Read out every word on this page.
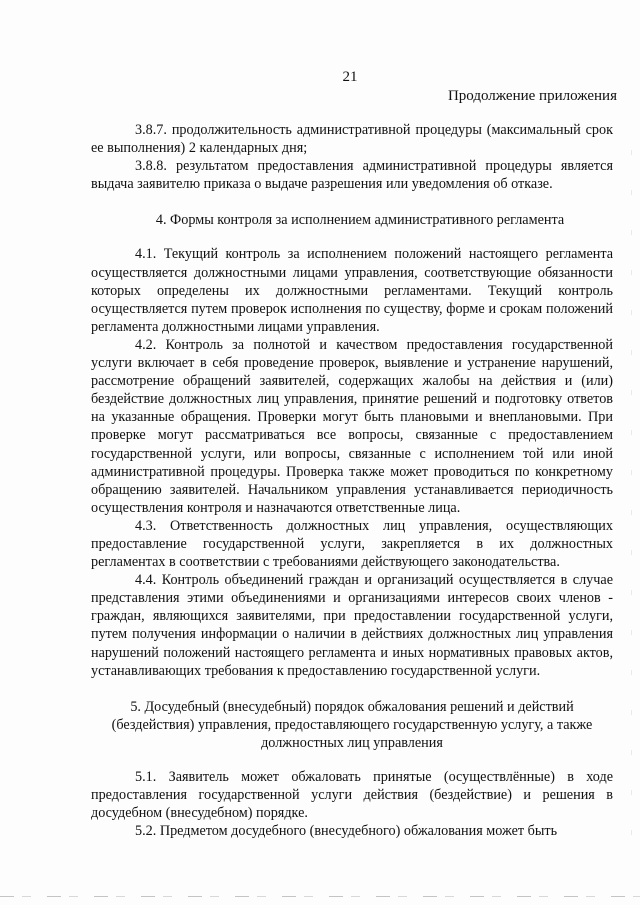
21
Продолжение приложения

3.8.7. продолжительность административной процедуры (максимальный срок ее выполнения) 2 календарных дня;

3.8.8. результатом предоставления административной процедуры является выдача заявителю приказа о выдаче разрешения или уведомления об отказе.

4. Формы контроля за исполнением административного регламента

4.1. Текущий контроль за исполнением положений настоящего регламента осуществляется должностными лицами управления, соответствующие обязанности которых определены их должностными регламентами. Текущий контроль осуществляется путем проверок исполнения по существу, форме и срокам положений регламента должностными лицами управления.

4.2. Контроль за полнотой и качеством предоставления государственной услуги включает в себя проведение проверок, выявление и устранение нарушений, рассмотрение обращений заявителей, содержащих жалобы на действия и (или) бездействие должностных лиц управления, принятие решений и подготовку ответов на указанные обращения. Проверки могут быть плановыми и внеплановыми. При проверке могут рассматриваться все вопросы, связанные с предоставлением государственной услуги, или вопросы, связанные с исполнением той или иной административной процедуры. Проверка также может проводиться по конкретному обращению заявителей. Начальником управления устанавливается периодичность осуществления контроля и назначаются ответственные лица.

4.3. Ответственность должностных лиц управления, осуществляющих предоставление государственной услуги, закрепляется в их должностных регламентах в соответствии с требованиями действующего законодательства.

4.4. Контроль объединений граждан и организаций осуществляется в случае представления этими объединениями и организациями интересов своих членов - граждан, являющихся заявителями, при предоставлении государственной услуги, путем получения информации о наличии в действиях должностных лиц управления нарушений положений настоящего регламента и иных нормативных правовых актов, устанавливающих требования к предоставлению государственной услуги.

5. Досудебный (внесудебный) порядок обжалования решений и действий
(бездействия) управления, предоставляющего государственную услугу, а также
должностных лиц управления

5.1. Заявитель может обжаловать принятые (осуществлённые) в ходе предоставления государственной услуги действия (бездействие) и решения в досудебном (внесудебном) порядке.

5.2. Предметом досудебного (внесудебного) обжалования может быть
